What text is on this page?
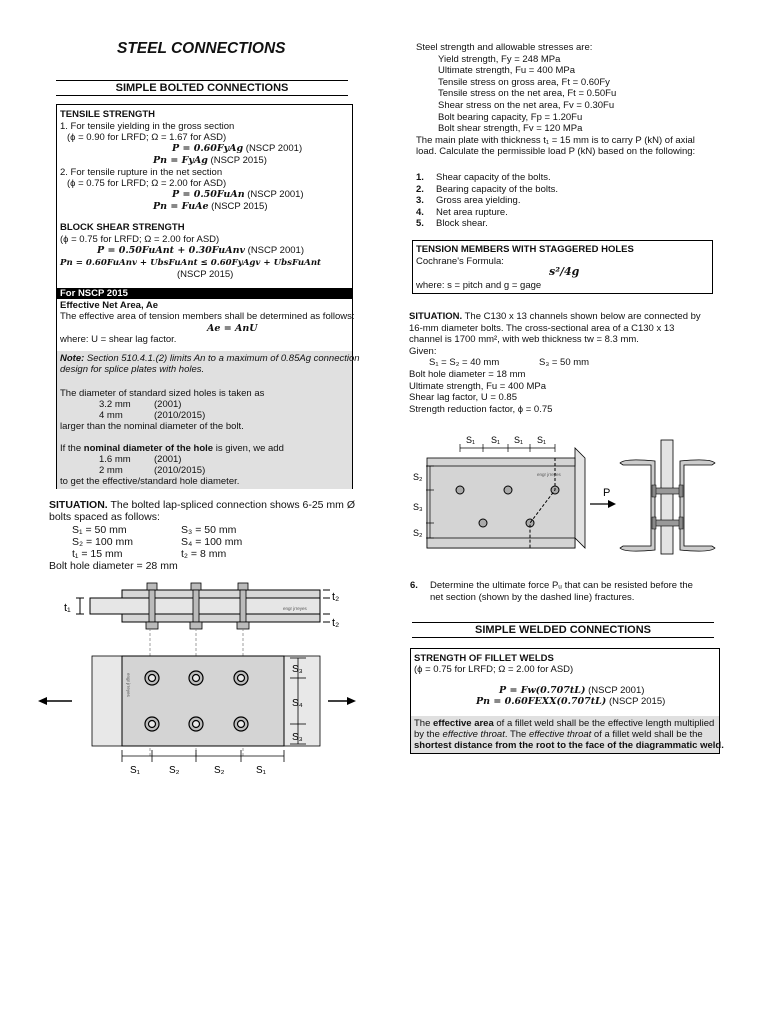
STEEL CONNECTIONS
SIMPLE BOLTED CONNECTIONS
TENSILE STRENGTH
1. For tensile yielding in the gross section
(ϕ = 0.90 for LRFD; Ω = 1.67 for ASD)
P = 0.60FyAg (NSCP 2001)
Pn = FyAg (NSCP 2015)
2. For tensile rupture in the net section
(ϕ = 0.75 for LRFD; Ω = 2.00 for ASD)
P = 0.50FuAn (NSCP 2001)
Pn = FuAe (NSCP 2015)
BLOCK SHEAR STRENGTH
(ϕ = 0.75 for LRFD; Ω = 2.00 for ASD)
P = 0.50FuAnt + 0.30FuAnv (NSCP 2001)
Pn = 0.60FuAnv + UbsFuAnt ≤ 0.60FyAgv + UbsFuAnt
(NSCP 2015)
For NSCP 2015
Effective Net Area, Ae
The effective area of tension members shall be determined as follows:
Ae = AnU
where: U = shear lag factor.
Note: Section 510.4.1.(2) limits An to a maximum of 0.85Ag connection
design for splice plates with holes.
The diameter of standard sized holes is taken as
3.2 mm (2001)
4 mm	(2010/2015)
larger than the nominal diameter of the bolt.
If the nominal diameter of the hole is given, we add
1.6 mm (2001)
2 mm	(2010/2015)
to get the effective/standard hole diameter.
SITUATION. The bolted lap-spliced connection shows 6-25 mm Ø
bolts spaced as follows:
S₁ = 50 mm	S₃ = 50 mm
S₂ = 100 mm	S₄ = 100 mm
t₁ = 15 mm	t₂ = 8 mm
Bolt hole diameter = 28 mm
t₁
t₂
t₂
engr jrreyes
engr jrreyes
S₃
S₄
S₃
S₁	S₂	S₂	S₁
Steel strength and allowable stresses are:
Yield strength, Fy = 248 MPa
Ultimate strength, Fu = 400 MPa
Tensile stress on gross area, Ft = 0.60Fy
Tensile stress on the net area, Ft = 0.50Fu
Shear stress on the net area, Fv = 0.30Fu
Bolt bearing capacity, Fp = 1.20Fu
Bolt shear strength, Fv = 120 MPa
The main plate with thickness t₁ = 15 mm is to carry P (kN) of axial
load. Calculate the permissible load P (kN) based on the following:
1. Shear capacity of the bolts.
2. Bearing capacity of the bolts.
3. Gross area yielding.
4. Net area rupture.
5. Block shear.
TENSION MEMBERS WITH STAGGERED HOLES
Cochrane's Formula:
s²/4g
where: s = pitch and g = gage
SITUATION. The C130 x 13 channels shown below are connected by
16-mm diameter bolts. The cross-sectional area of a C130 x 13
channel is 1700 mm², with web thickness tw = 8.3 mm.
Given:
S₁ = S₂ = 40 mm	S₃ = 50 mm
Bolt hole diameter = 18 mm
Ultimate strength, Fu = 400 MPa
Shear lag factor, U = 0.85
Strength reduction factor, ϕ = 0.75
engr jrreyes
S₁ S₁ S₁ S₁
S₂
S₃
S₂
P
6. Determine the ultimate force Pᵤ that can be resisted before the
net section (shown by the dashed line) fractures.
SIMPLE WELDED CONNECTIONS
STRENGTH OF FILLET WELDS
(ϕ = 0.75 for LRFD; Ω = 2.00 for ASD)
P = Fw(0.707tL) (NSCP 2001)
Pn = 0.60FEXX(0.707tL) (NSCP 2015)
The effective area of a fillet weld shall be the effective length multiplied
by the effective throat. The effective throat of a fillet weld shall be the
shortest distance from the root to the face of the diagrammatic weld.
